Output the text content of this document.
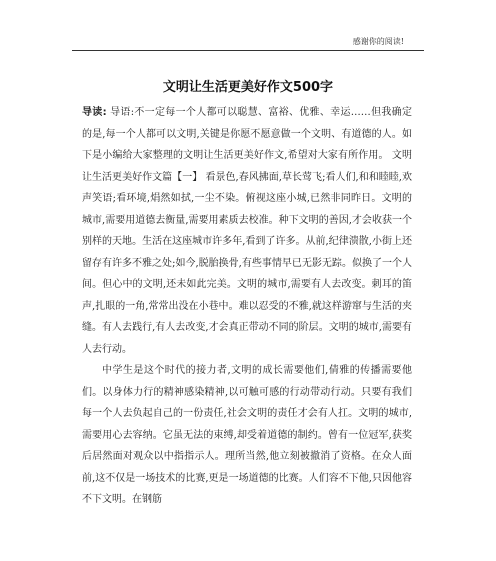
感谢你的阅读!
文明让生活更美好作文500字

导读: 导语:不一定每一个人都可以聪慧、富裕、优雅、幸运……但我确定的是,每一个人都可以文明,关键是你愿不愿意做一个文明、有道德的人。如下是小编给大家整理的文明让生活更美好作文,希望对大家有所作用。 文明让生活更美好作文篇【一】 看景色,春风拂面,草长莺飞;看人们,和和睦睦,欢声笑语;看环境,焆然如拭,一尘不染。俯视这座小城,已然非同昨日。文明的城市,需要用道德去衡量,需要用素质去校准。种下文明的善因,才会收获一个别样的天地。生活在这座城市许多年,看到了许多。从前,纪律溃散,小街上还留存有许多不雅之处;如今,脱胎换骨,有些事情早已无影无踪。似换了一个人间。但心中的文明,还未如此完美。文明的城市,需要有人去改变。刺耳的笛声,扎眼的一角,常常出没在小巷中。难以忍受的不雅,就这样游窜与生活的夹缝。有人去践行,有人去改变,才会真正带动不同的阶层。文明的城市,需要有人去行动。

中学生是这个时代的接力者,文明的成长需要他们,倩雅的传播需要他们。以身体力行的精神感染精神,以可触可感的行动带动行动。只要有我们每一个人去负起自己的一份责任,社会文明的责任才会有人扛。文明的城市,需要用心去容纳。它虽无法的束缚,却受着道德的制约。曾有一位冠军,获奖后居然面对观众以中指指示人。理所当然,他立刻被撤消了资格。在众人面前,这不仅是一场技术的比赛,更是一场道德的比赛。人们容不下他,只因他容不下文明。在钢筋
